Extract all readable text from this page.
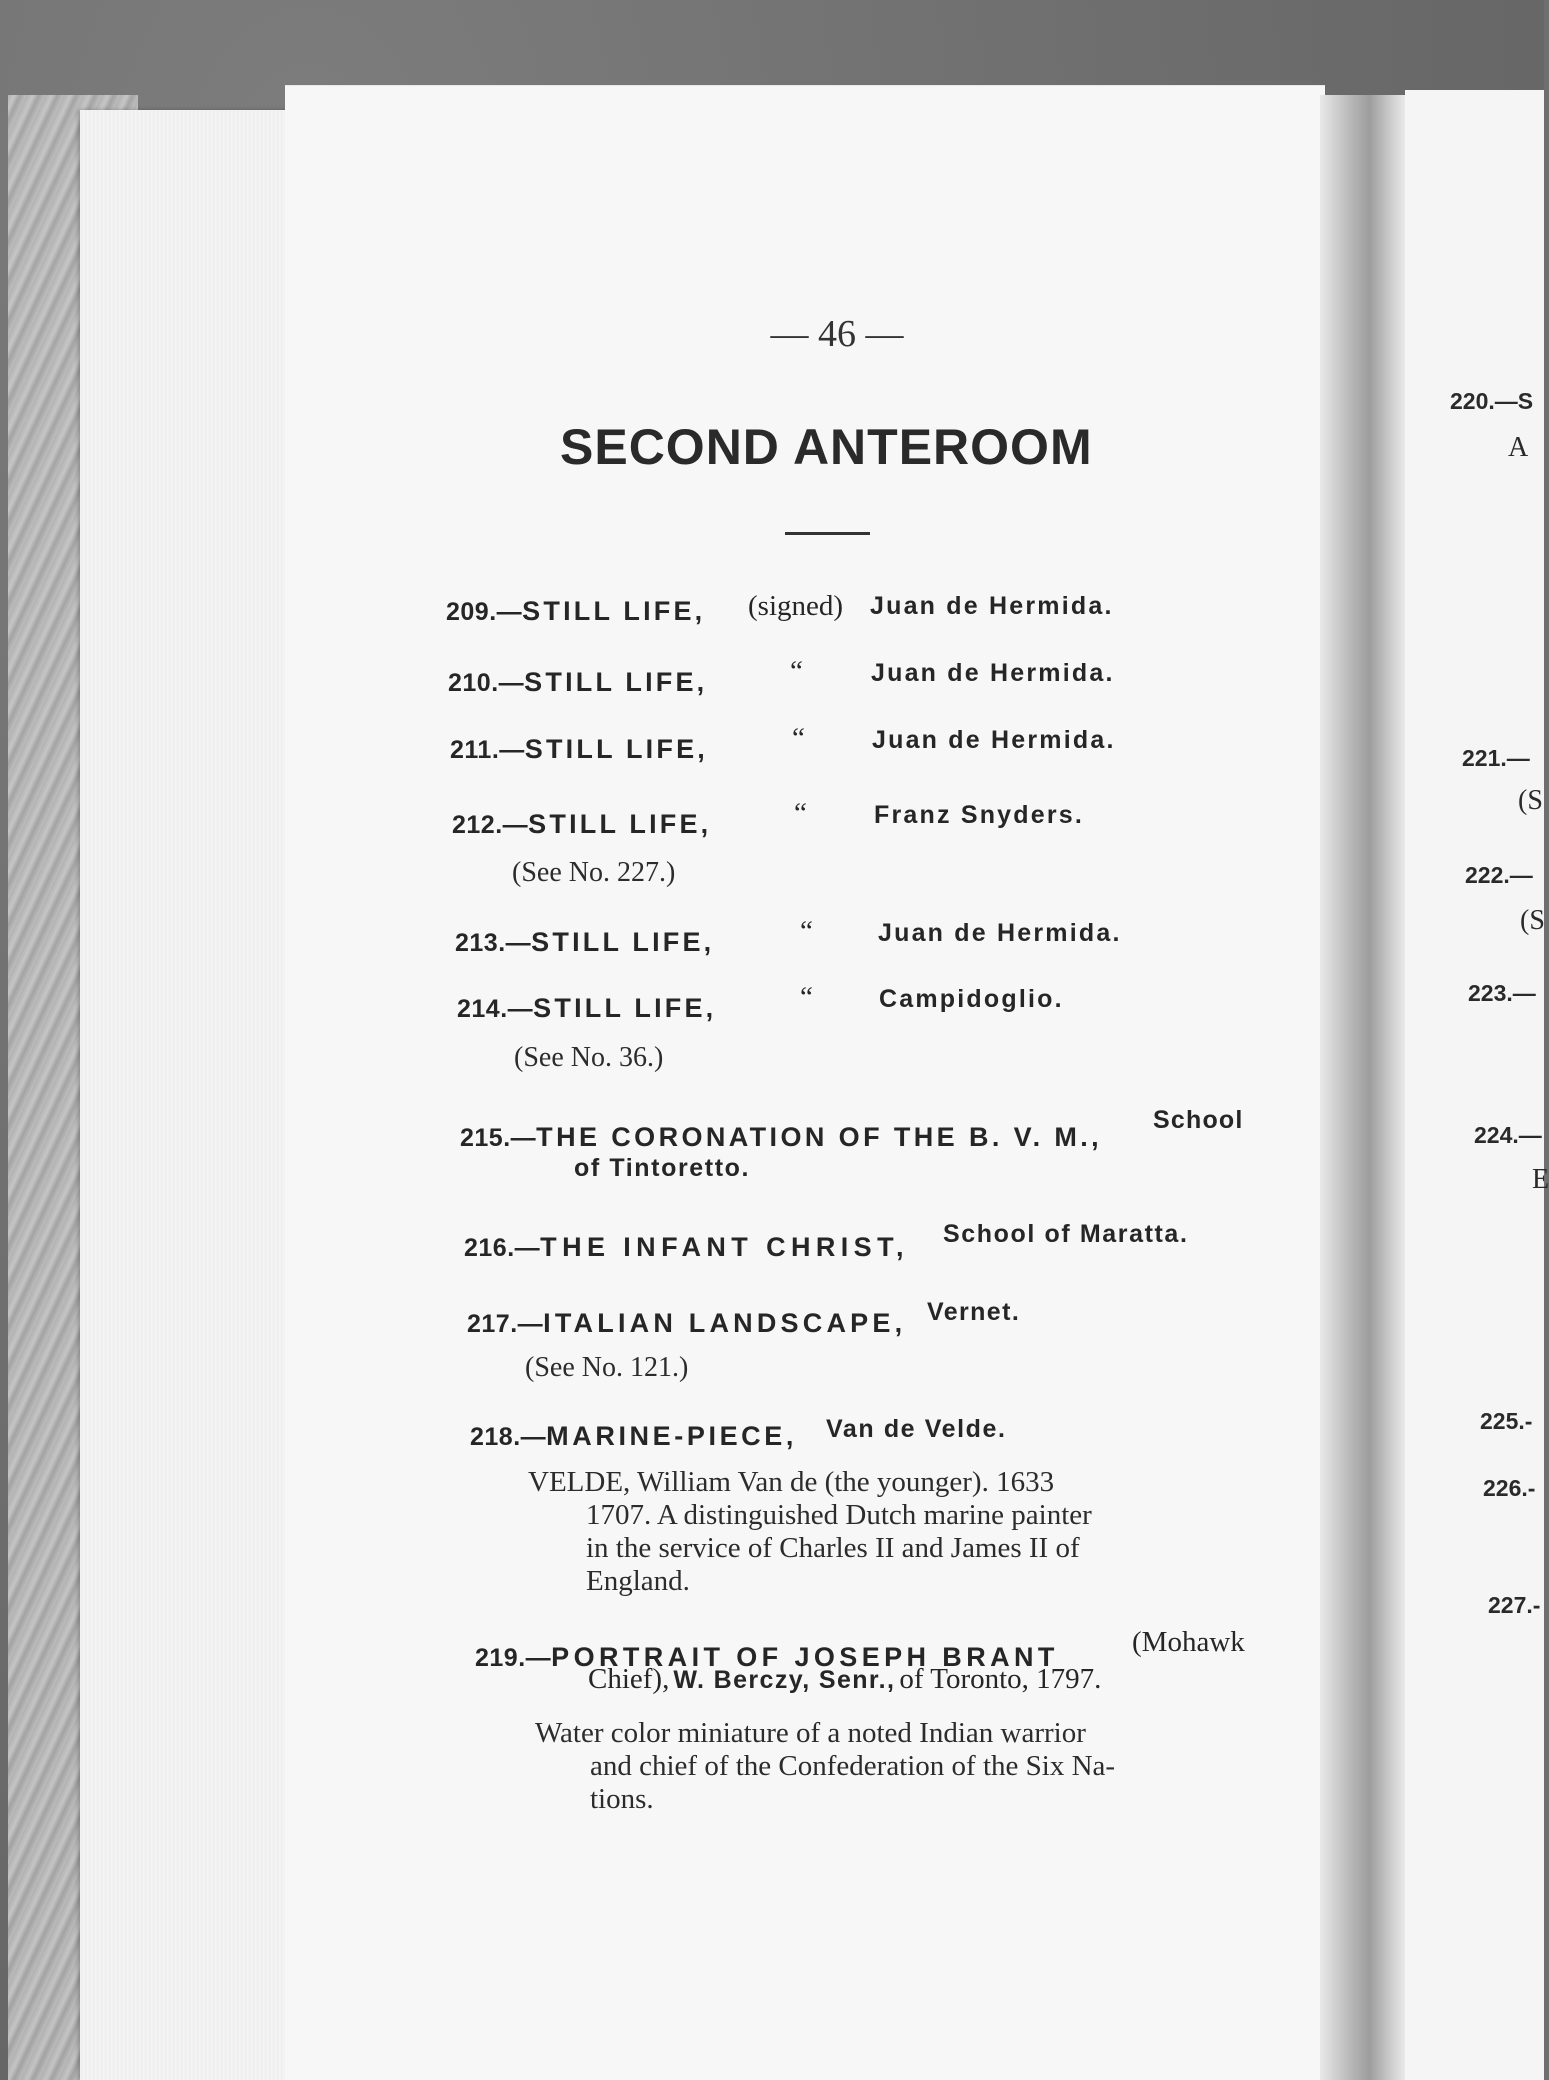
— 46 —
SECOND ANTEROOM
209.—STILL LIFE, (signed) Juan de Hermida.
210.—STILL LIFE,	“	Juan de Hermida.
211.—STILL LIFE,	“	Juan de Hermida.
212.—STILL LIFE,	“	Franz Snyders.
(See No. 227.)
213.—STILL LIFE,	“	Juan de Hermida.
214.—STILL LIFE,	“	Campidoglio.
(See No. 36.)
215.—THE CORONATION OF THE B. V. M.,
School
of Tintoretto.
216.—THE INFANT CHRIST, School of Maratta.
217.—ITALIAN LANDSCAPE, Vernet.
(See No. 121.)
218.—MARINE-PIECE, Van de Velde.
VELDE, William Van de (the younger). 1633
1707. A distinguished Dutch marine painter
in the service of Charles II and James II of
England.
219.—PORTRAIT OF JOSEPH BRANT	(Mohawk
Chief), W. Berczy, Senr., of Toronto, 1797.
Water color miniature of a noted Indian warrior
and chief of the Confederation of the Six Na-
tions.
220.—S
A
221.—
(S
222.—
(S
223.—
224.—
E
225.-
226.-
227.-
